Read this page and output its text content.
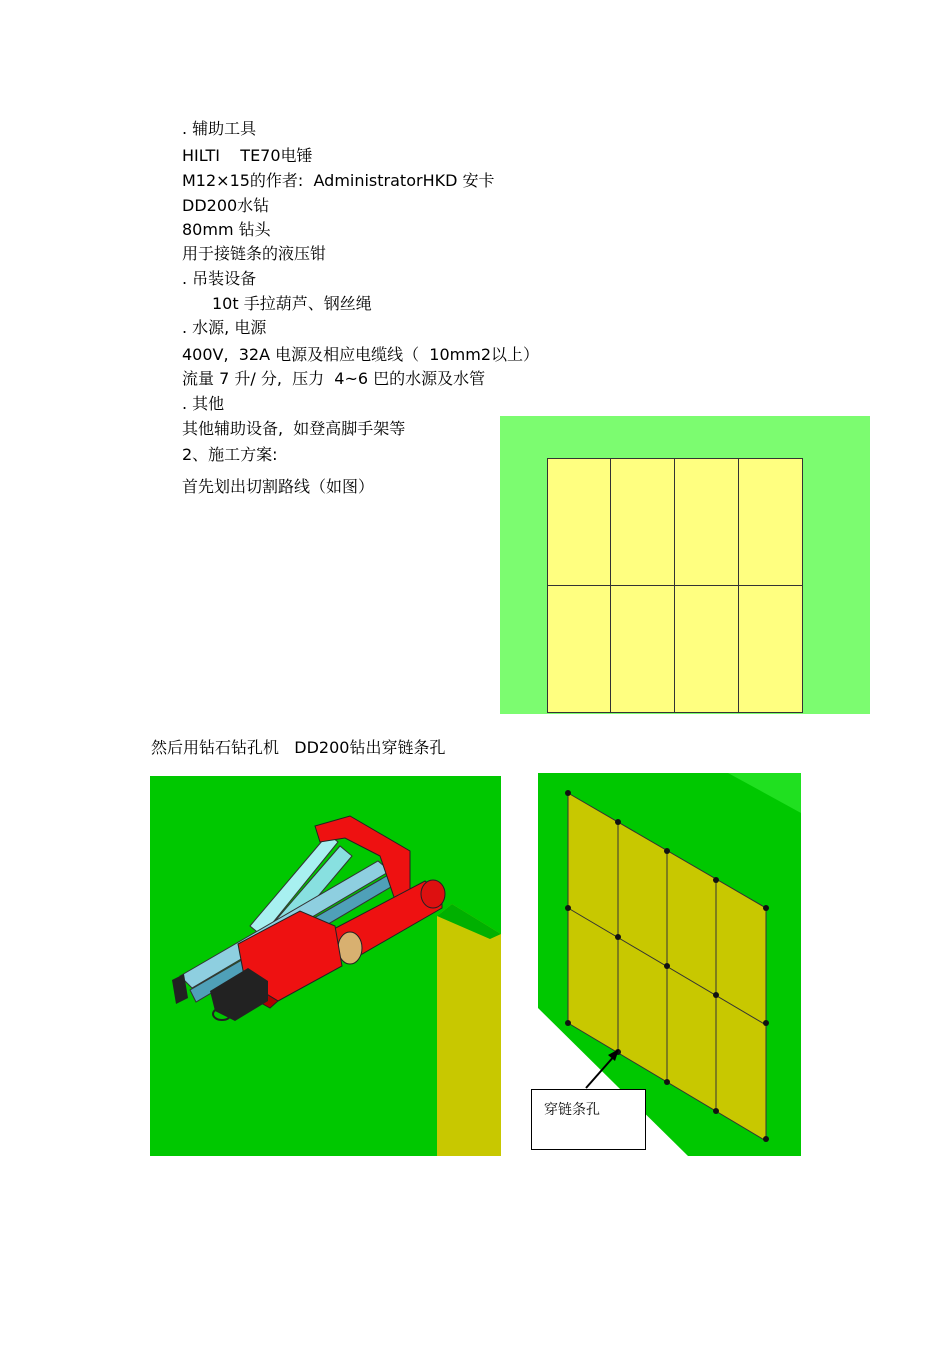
. 辅助工具
HILTI    TE70电锤
M12×15的作者:  AdministratorHKD 安卡
DD200水钻
80mm 钻头
用于接链条的液压钳
. 吊装设备
10t 手拉葫芦、钢丝绳
. 水源, 电源
400V,  32A 电源及相应电缆线（  10mm2以上）
流量 7 升/ 分,  压力  4~6 巴的水源及水管
. 其他
其他辅助设备,  如登高脚手架等
2、施工方案:
首先划出切割路线（如图）
然后用钻石钻孔机   DD200钻出穿链条孔
穿链条孔
